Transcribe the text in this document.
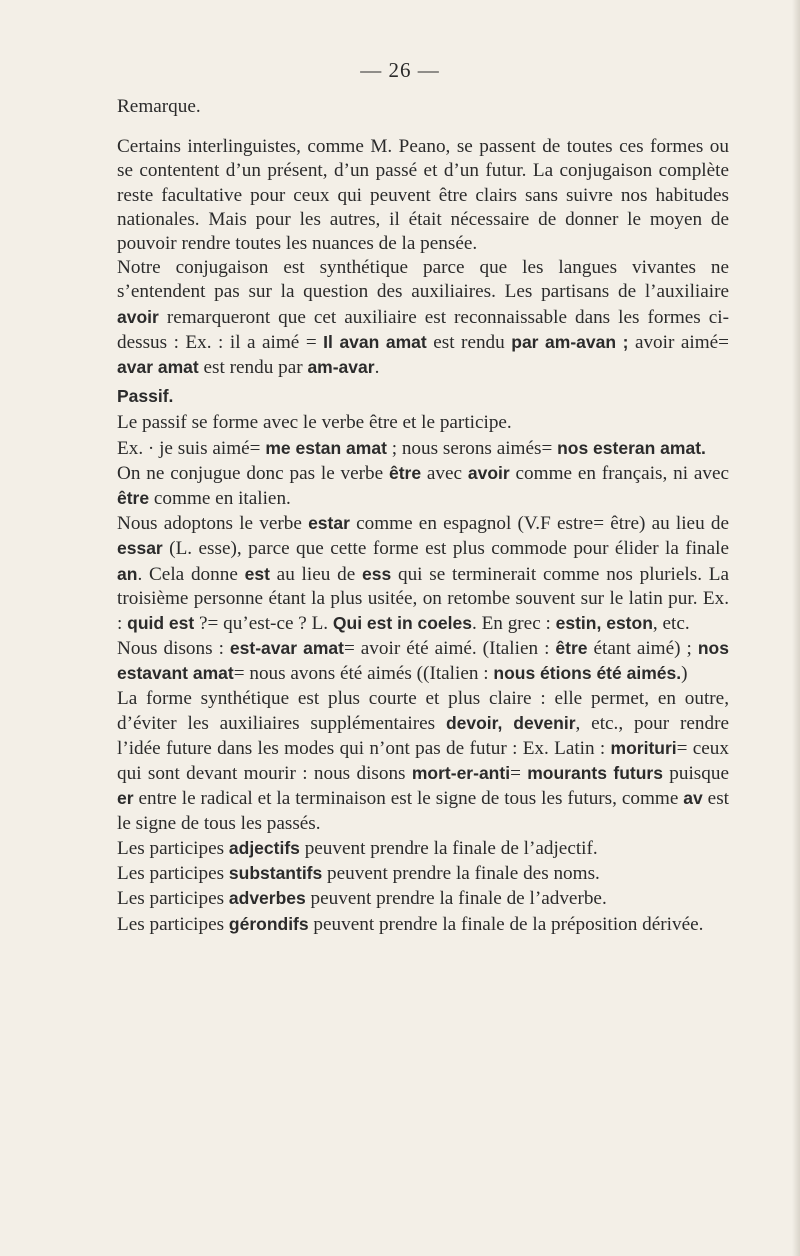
— 26 —

Remarque.

Certains interlinguistes, comme M. Peano, se passent de toutes ces formes ou se contentent d’un présent, d’un passé et d’un futur. La conjugaison complète reste facultative pour ceux qui peuvent être clairs sans suivre nos habitudes nationales. Mais pour les autres, il était nécessaire de donner le moyen de pouvoir rendre toutes les nuances de la pensée.

Notre conjugaison est synthétique parce que les langues vivantes ne s’entendent pas sur la question des auxiliaires. Les partisans de l’auxiliaire avoir remarqueront que cet auxiliaire est reconnaissable dans les formes ci-dessus : Ex. : il a aimé = Il avan amat est rendu par am-avan ; avoir aimé= avar amat est rendu par am-avar.

Passif.

Le passif se forme avec le verbe être et le participe.

Ex. · je suis aimé= me estan amat ; nous serons aimés= nos esteran amat.

On ne conjugue donc pas le verbe être avec avoir comme en français, ni avec être comme en italien.

Nous adoptons le verbe estar comme en espagnol (V.F estre= être) au lieu de essar (L. esse), parce que cette forme est plus commode pour élider la finale an. Cela donne est au lieu de ess qui se terminerait comme nos pluriels. La troisième personne étant la plus usitée, on retombe souvent sur le latin pur. Ex. : quid est ?= qu’est-ce ? L. Qui est in coeles. En grec : estin, eston, etc.

Nous disons : est-avar amat= avoir été aimé. (Italien : être étant aimé) ; nos estavant amat= nous avons été aimés ((Italien : nous étions été aimés.)

La forme synthétique est plus courte et plus claire : elle permet, en outre, d’éviter les auxiliaires supplémentaires devoir, devenir, etc., pour rendre l’idée future dans les modes qui n’ont pas de futur : Ex. Latin : morituri= ceux qui sont devant mourir : nous disons mort-er-anti= mourants futurs puisque er entre le radical et la terminaison est le signe de tous les futurs, comme av est le signe de tous les passés.

Les participes adjectifs peuvent prendre la finale de l’adjectif.

Les participes substantifs peuvent prendre la finale des noms.

Les participes adverbes peuvent prendre la finale de l’adverbe.

Les participes gérondifs peuvent prendre la finale de la préposition dérivée.
